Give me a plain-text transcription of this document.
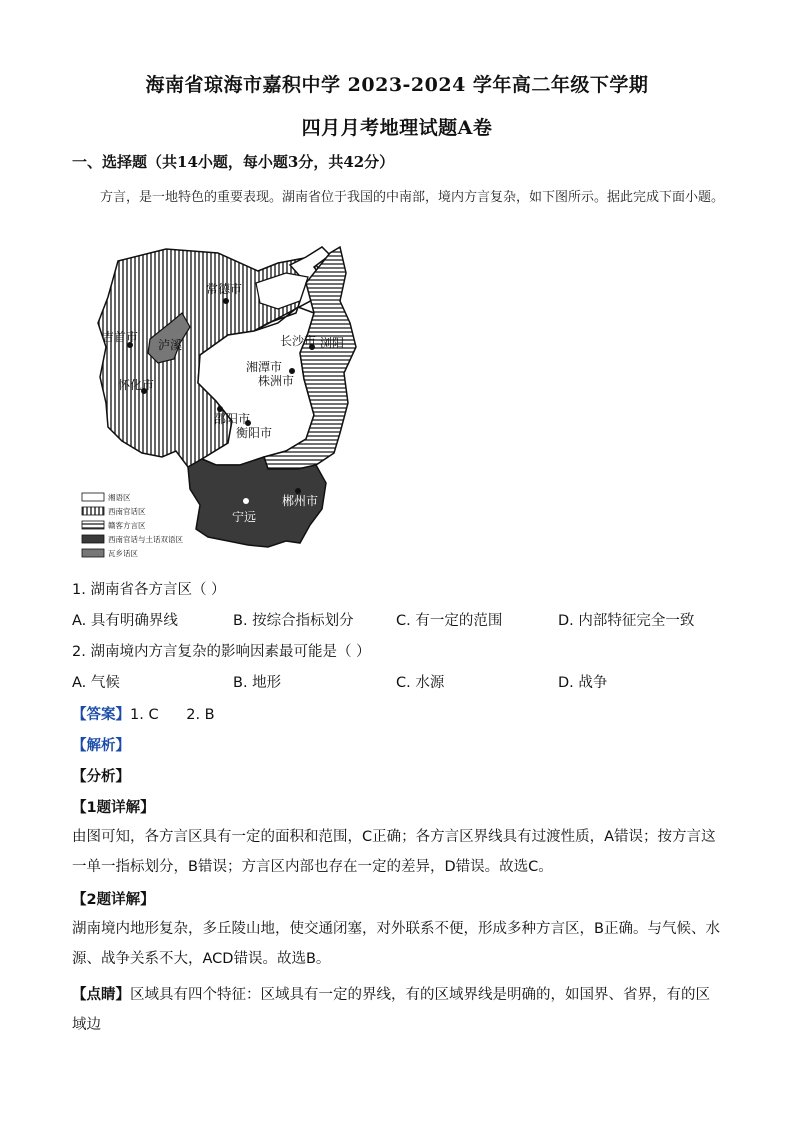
海南省琼海市嘉积中学 2023-2024 学年高二年级下学期
四月月考地理试题A卷
一、选择题（共14小题，每小题3分，共42分）
方言，是一地特色的重要表现。湖南省位于我国的中南部，境内方言复杂，如下图所示。据此完成下面小题。
常德市
吉首市
泸溪
怀化市
长沙市 浏阳
湘潭市
株洲市
邵阳市
衡阳市
郴州市
宁远
湘语区
西南官话区
赣客方言区
西南官话与土话双语区
瓦乡话区
1. 湖南省各方言区（ ）
A. 具有明确界线	B. 按综合指标划分	C. 有一定的范围	D. 内部特征完全一致
2. 湖南境内方言复杂的影响因素最可能是（ ）
A. 气候	B. 地形	C. 水源	D. 战争
【答案】1. C      2. B
【解析】
【分析】
【1题详解】
由图可知，各方言区具有一定的面积和范围，C正确；各方言区界线具有过渡性质，A错误；按方言这一单一指标划分，B错误；方言区内部也存在一定的差异，D错误。故选C。
【2题详解】
湖南境内地形复杂，多丘陵山地，使交通闭塞，对外联系不便，形成多种方言区，B正确。与气候、水源、战争关系不大，ACD错误。故选B。
【点睛】区域具有四个特征：区域具有一定的界线，有的区域界线是明确的，如国界、省界，有的区域边
